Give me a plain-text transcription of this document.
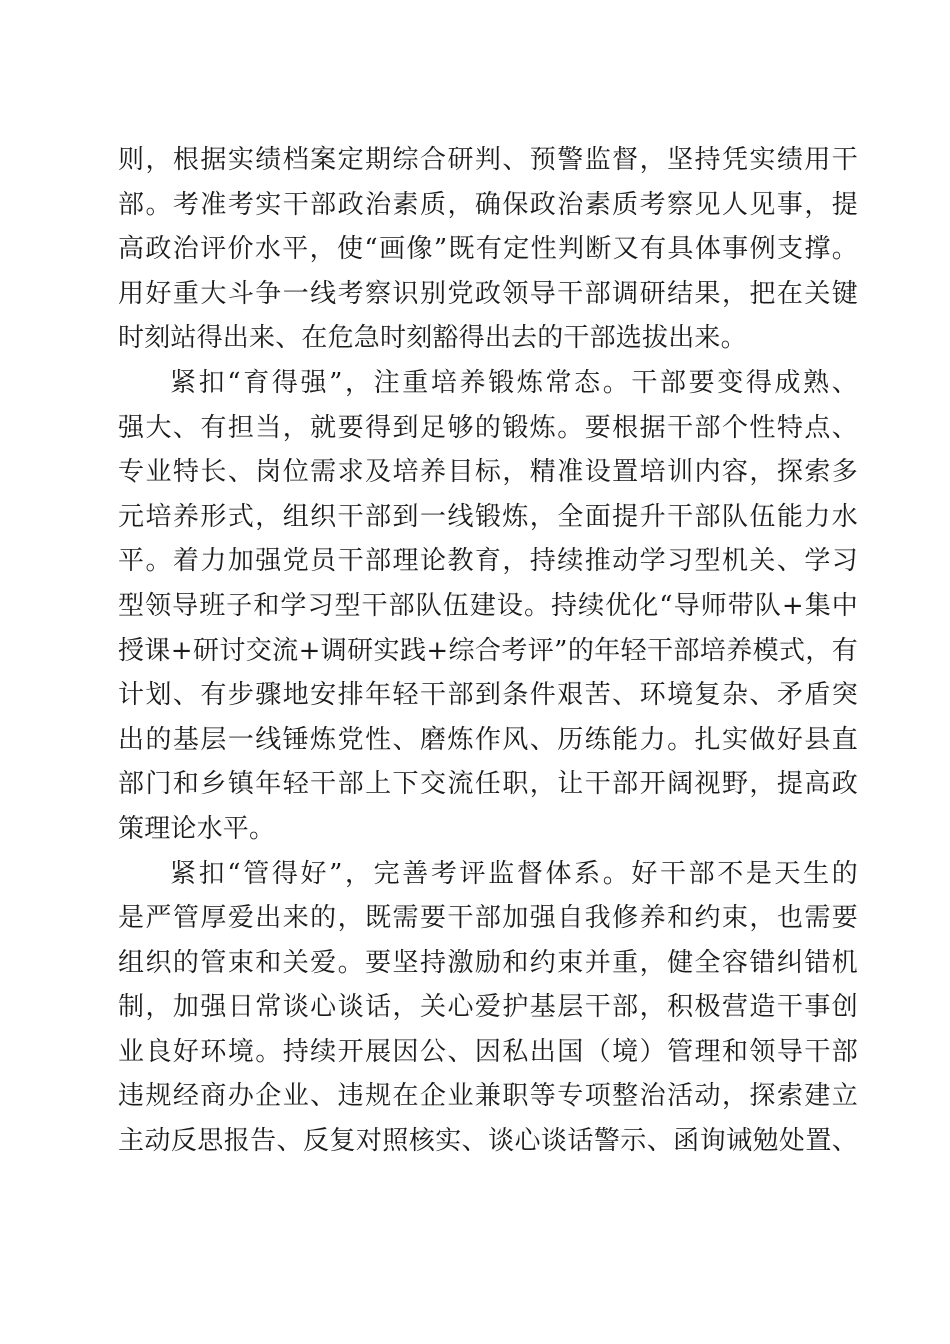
则，根据实绩档案定期综合研判、预警监督，坚持凭实绩用干
部。考准考实干部政治素质，确保政治素质考察见人见事，提
高政治评价水平，使“画像”既有定性判断又有具体事例支撑。
用好重大斗争一线考察识别党政领导干部调研结果，把在关键
时刻站得出来、在危急时刻豁得出去的干部选拔出来。
紧扣“育得强”，注重培养锻炼常态。干部要变得成熟、
强大、有担当，就要得到足够的锻炼。要根据干部个性特点、
专业特长、岗位需求及培养目标，精准设置培训内容，探索多
元培养形式，组织干部到一线锻炼，全面提升干部队伍能力水
平。着力加强党员干部理论教育，持续推动学习型机关、学习
型领导班子和学习型干部队伍建设。持续优化“导师带队+集中
授课+研讨交流+调研实践+综合考评”的年轻干部培养模式，有
计划、有步骤地安排年轻干部到条件艰苦、环境复杂、矛盾突
出的基层一线锤炼党性、磨炼作风、历练能力。扎实做好县直
部门和乡镇年轻干部上下交流任职，让干部开阔视野，提高政
策理论水平。
紧扣“管得好”，完善考评监督体系。好干部不是天生的
是严管厚爱出来的，既需要干部加强自我修养和约束，也需要
组织的管束和关爱。要坚持激励和约束并重，健全容错纠错机
制，加强日常谈心谈话，关心爱护基层干部，积极营造干事创
业良好环境。持续开展因公、因私出国（境）管理和领导干部
违规经商办企业、违规在企业兼职等专项整治活动，探索建立
主动反思报告、反复对照核实、谈心谈话警示、函询诫勉处置、
